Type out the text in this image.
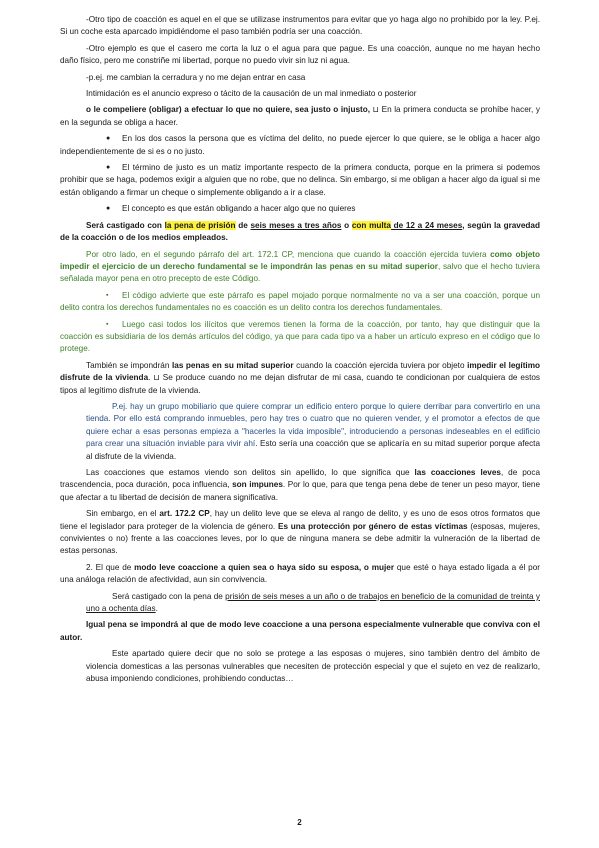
-Otro tipo de coacción es aquel en el que se utilizase instrumentos para evitar que yo haga algo no prohibido por la ley. P.ej. Si un coche esta aparcado impidiéndome el paso también podría ser una coacción.

-Otro ejemplo es que el casero me corta la luz o el agua para que pague. Es una coacción, aunque no me hayan hecho daño físico, pero me constriñe mi libertad, porque no puedo vivir sin luz ni agua.

-p.ej. me cambian la cerradura y no me dejan entrar en casa

Intimidación es el anuncio expreso o tácito de la causación de un mal inmediato o posterior

o le compeliere (obligar) a efectuar lo que no quiere, sea justo o injusto, ⊔ En la primera conducta se prohíbe hacer, y en la segunda se obliga a hacer.

● En los dos casos la persona que es víctima del delito, no puede ejercer lo que quiere, se le obliga a hacer algo independientemente de si es o no justo.

● El término de justo es un matiz importante respecto de la primera conducta, porque en la primera si podemos prohibir que se haga, podemos exigir a alguien que no robe, que no delinca. Sin embargo, si me obligan a hacer algo da igual si me están obligando a firmar un cheque o simplemente obligando a ir a clase.

● El concepto es que están obligando a hacer algo que no quieres

Será castigado con la pena de prisión de seis meses a tres años o con multa de 12 a 24 meses, según la gravedad de la coacción o de los medios empleados.

Por otro lado, en el segundo párrafo del art. 172.1 CP, menciona que cuando la coacción ejercida tuviera como objeto impedir el ejercicio de un derecho fundamental se le impondrán las penas en su mitad superior, salvo que el hecho tuviera señalada mayor pena en otro precepto de este Código.

▪ El código advierte que este párrafo es papel mojado porque normalmente no va a ser una coacción, porque un delito contra los derechos fundamentales no es coacción es un delito contra los derechos fundamentales.

▪ Luego casi todos los ilícitos que veremos tienen la forma de la coacción, por tanto, hay que distinguir que la coacción es subsidiaria de los demás artículos del código, ya que para cada tipo va a haber un artículo expreso en el código que lo protege.

También se impondrán las penas en su mitad superior cuando la coacción ejercida tuviera por objeto impedir el legítimo disfrute de la vivienda. ⊔ Se produce cuando no me dejan disfrutar de mi casa, cuando te condicionan por cualquiera de estos tipos al legítimo disfrute de la vivienda.

P.ej. hay un grupo mobiliario que quiere comprar un edificio entero porque lo quiere derribar para convertirlo en una tienda. Por ello está comprando inmuebles, pero hay tres o cuatro que no quieren vender, y el promotor a efectos de que quiere echar a esas personas empieza a "hacerles la vida imposible", introduciendo a personas indeseables en el edificio para crear una situación inviable para vivir ahí. Esto sería una coacción que se aplicaría en su mitad superior porque afecta al disfrute de la vivienda.

Las coacciones que estamos viendo son delitos sin apellido, lo que significa que las coacciones leves, de poca trascendencia, poca duración, poca influencia, son impunes. Por lo que, para que tenga pena debe de tener un peso mayor, tiene que afectar a tu libertad de decisión de manera significativa.

Sin embargo, en el art. 172.2 CP, hay un delito leve que se eleva al rango de delito, y es uno de esos otros formatos que tiene el legislador para proteger de la violencia de género. Es una protección por género de estas víctimas (esposas, mujeres, convivientes o no) frente a las coacciones leves, por lo que de ninguna manera se debe admitir la vulneración de la libertad de estas personas.

2. El que de modo leve coaccione a quien sea o haya sido su esposa, o mujer que esté o haya estado ligada a él por una análoga relación de afectividad, aun sin convivencia.

Será castigado con la pena de prisión de seis meses a un año o de trabajos en beneficio de la comunidad de treinta y uno a ochenta días.

Igual pena se impondrá al que de modo leve coaccione a una persona especialmente vulnerable que conviva con el autor.

Este apartado quiere decir que no solo se protege a las esposas o mujeres, sino también dentro del ámbito de violencia domesticas a las personas vulnerables que necesiten de protección especial y que el sujeto en vez de realizarlo, abusa imponiendo condiciones, prohibiendo conductas…

2
